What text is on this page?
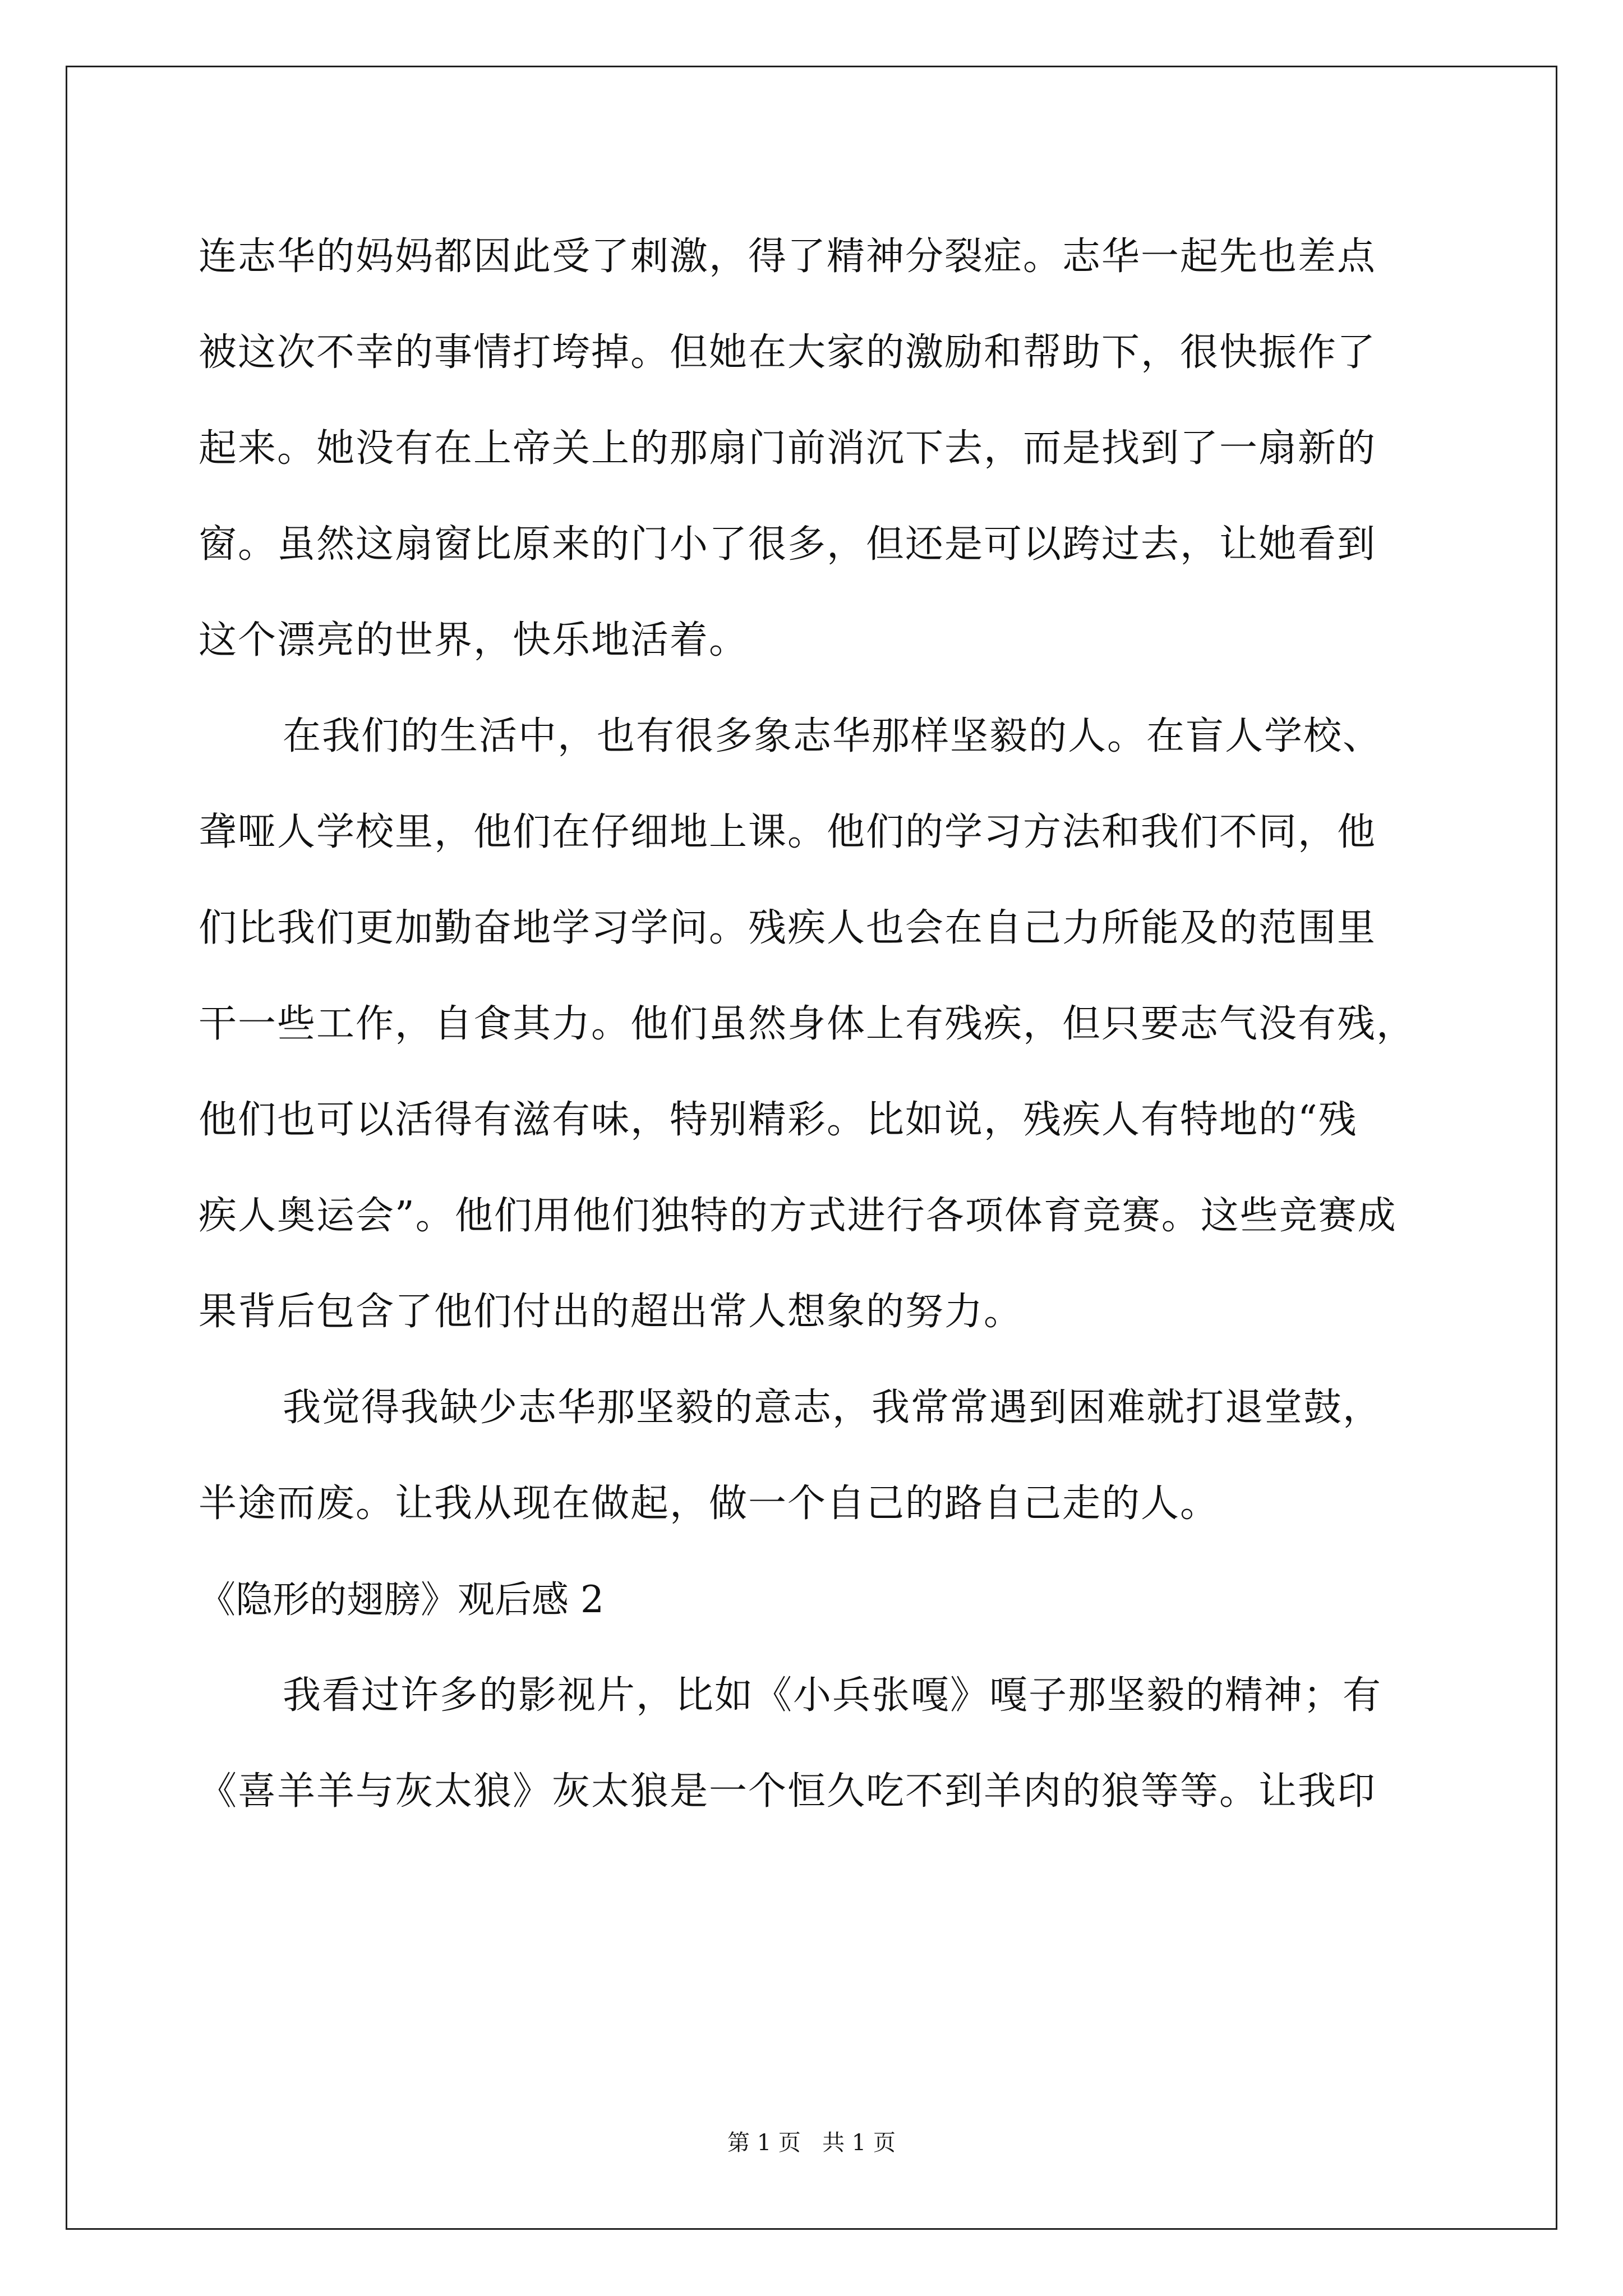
连志华的妈妈都因此受了刺激，得了精神分裂症。志华一起先也差点
被这次不幸的事情打垮掉。但她在大家的激励和帮助下，很快振作了
起来。她没有在上帝关上的那扇门前消沉下去，而是找到了一扇新的
窗。虽然这扇窗比原来的门小了很多，但还是可以跨过去，让她看到
这个漂亮的世界，快乐地活着。
在我们的生活中，也有很多象志华那样坚毅的人。在盲人学校、
聋哑人学校里，他们在仔细地上课。他们的学习方法和我们不同，他
们比我们更加勤奋地学习学问。残疾人也会在自己力所能及的范围里
干一些工作，自食其力。他们虽然身体上有残疾，但只要志气没有残，
他们也可以活得有滋有味，特别精彩。比如说，残疾人有特地的“残
疾人奥运会”。他们用他们独特的方式进行各项体育竞赛。这些竞赛成
果背后包含了他们付出的超出常人想象的努力。
我觉得我缺少志华那坚毅的意志，我常常遇到困难就打退堂鼓，
半途而废。让我从现在做起，做一个自己的路自己走的人。
《隐形的翅膀》观后感 2
我看过许多的影视片，比如《小兵张嘎》嘎子那坚毅的精神；有
《喜羊羊与灰太狼》灰太狼是一个恒久吃不到羊肉的狼等等。让我印
第 1 页   共 1 页
